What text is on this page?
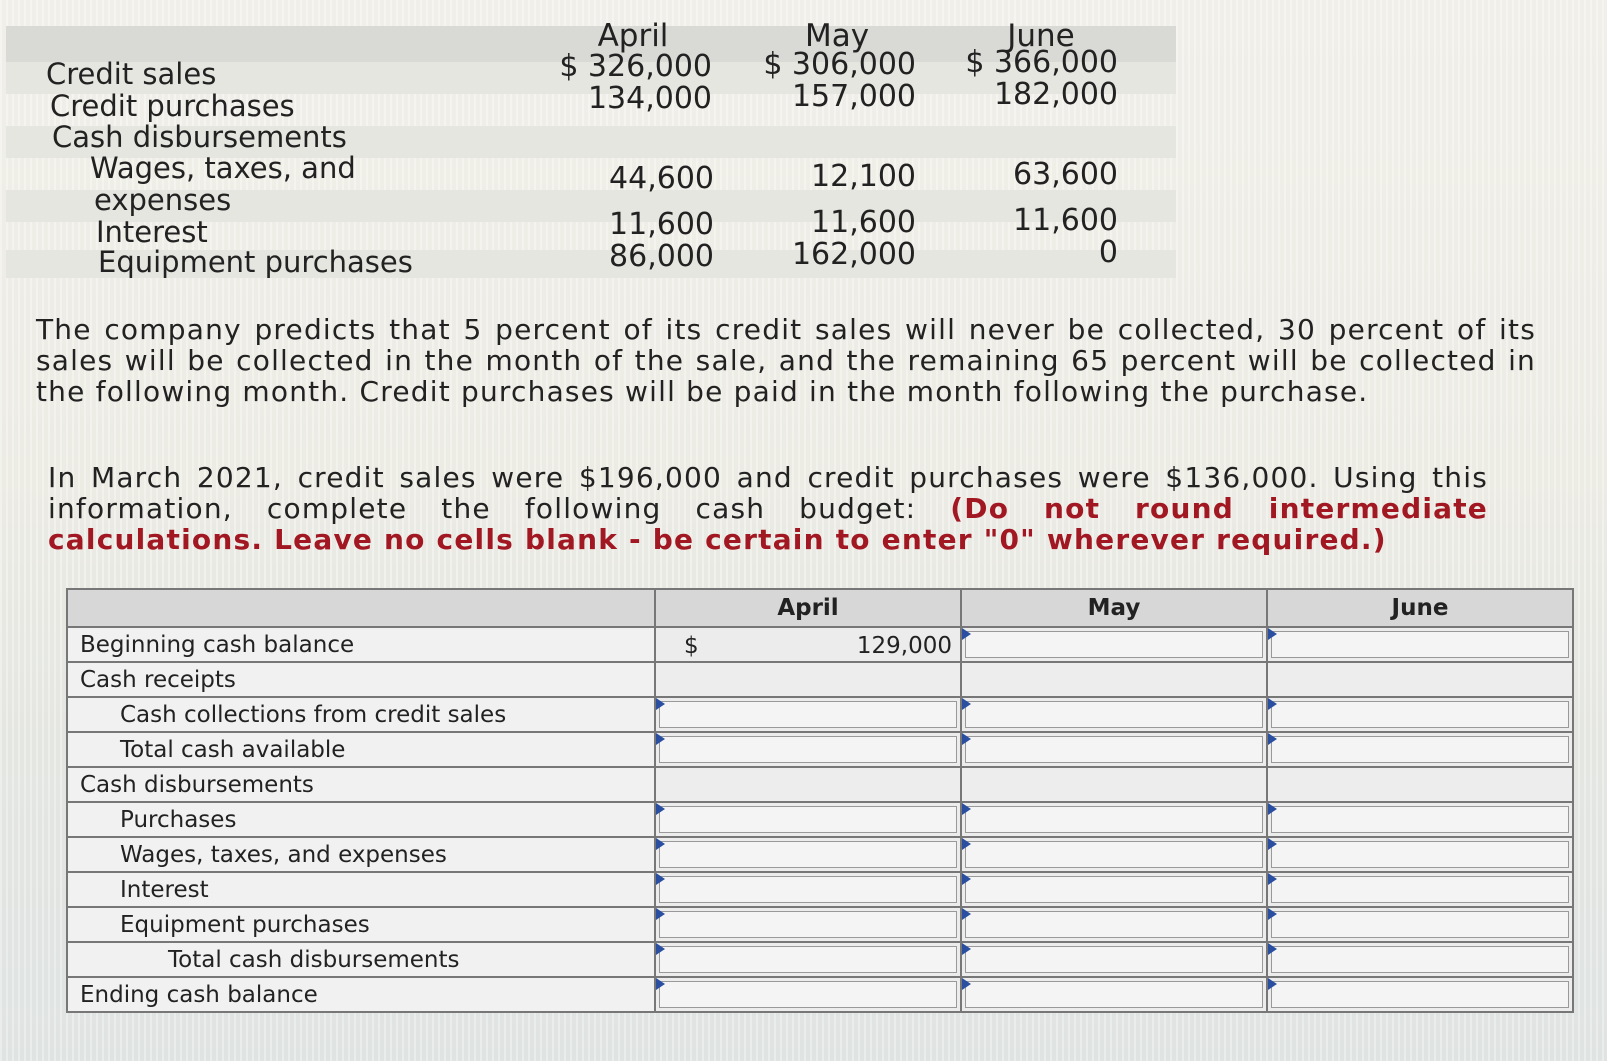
April	May	June
Credit sales	$ 326,000	$ 306,000	$ 366,000
Credit purchases	134,000	157,000	182,000
Cash disbursements
Wages, taxes, and
expenses
44,600	12,100	63,600
Interest	11,600	11,600	11,600
Equipment purchases	86,000	162,000	0
The company predicts that 5 percent of its credit sales will never be collected, 30 percent of its sales will be collected in the month of the sale, and the remaining 65 percent will be collected in the following month. Credit purchases will be paid in the month following the purchase.
In March 2021, credit sales were $196,000 and credit purchases were $136,000. Using this information, complete the following cash budget: (Do not round intermediate calculations. Leave no cells blank - be certain to enter "0" wherever required.)
	April	May	June
Beginning cash balance	$ 129,000		

Cash receipts			
Cash collections from credit sales	

Total cash available	

Cash disbursements			
Purchases	

Wages, taxes, and expenses	

Interest	

Equipment purchases	

Total cash disbursements	

Ending cash balance	
